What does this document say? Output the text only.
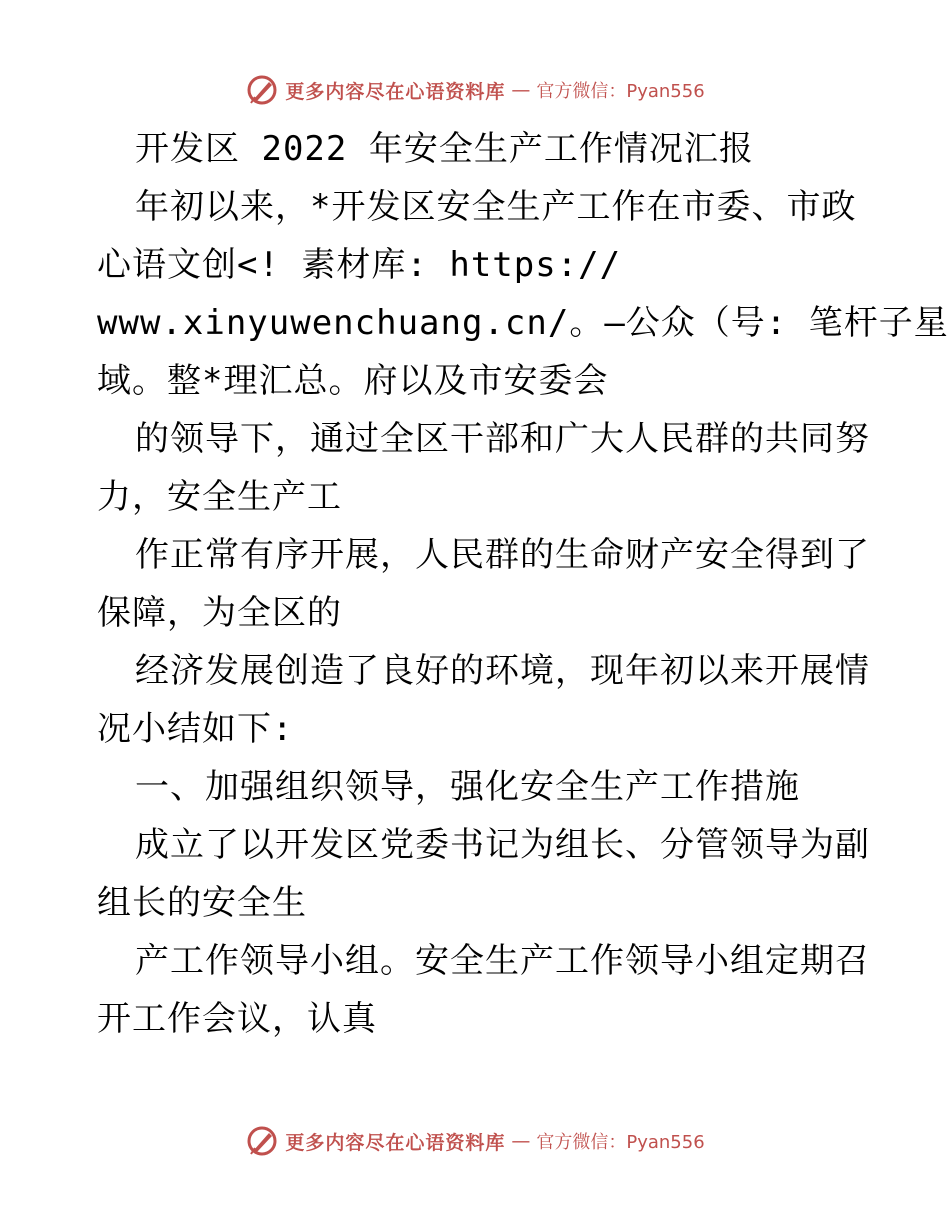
更多内容尽在心语资料库 — 官方微信：Pyan556
开发区 2022 年安全生产工作情况汇报
年初以来，*开发区安全生产工作在市委、市政
心语文创<! 素材库: https://
www.xinyuwenchuang.cn/。—公众（号: 笔杆子星
域。整*理汇总。府以及市安委会
的领导下，通过全区干部和广大人民群的共同努
力，安全生产工
作正常有序开展，人民群的生命财产安全得到了
保障，为全区的
经济发展创造了良好的环境，现年初以来开展情
况小结如下:
一、加强组织领导，强化安全生产工作措施
成立了以开发区党委书记为组长、分管领导为副
组长的安全生
产工作领导小组。安全生产工作领导小组定期召
开工作会议，认真
更多内容尽在心语资料库 — 官方微信：Pyan556
